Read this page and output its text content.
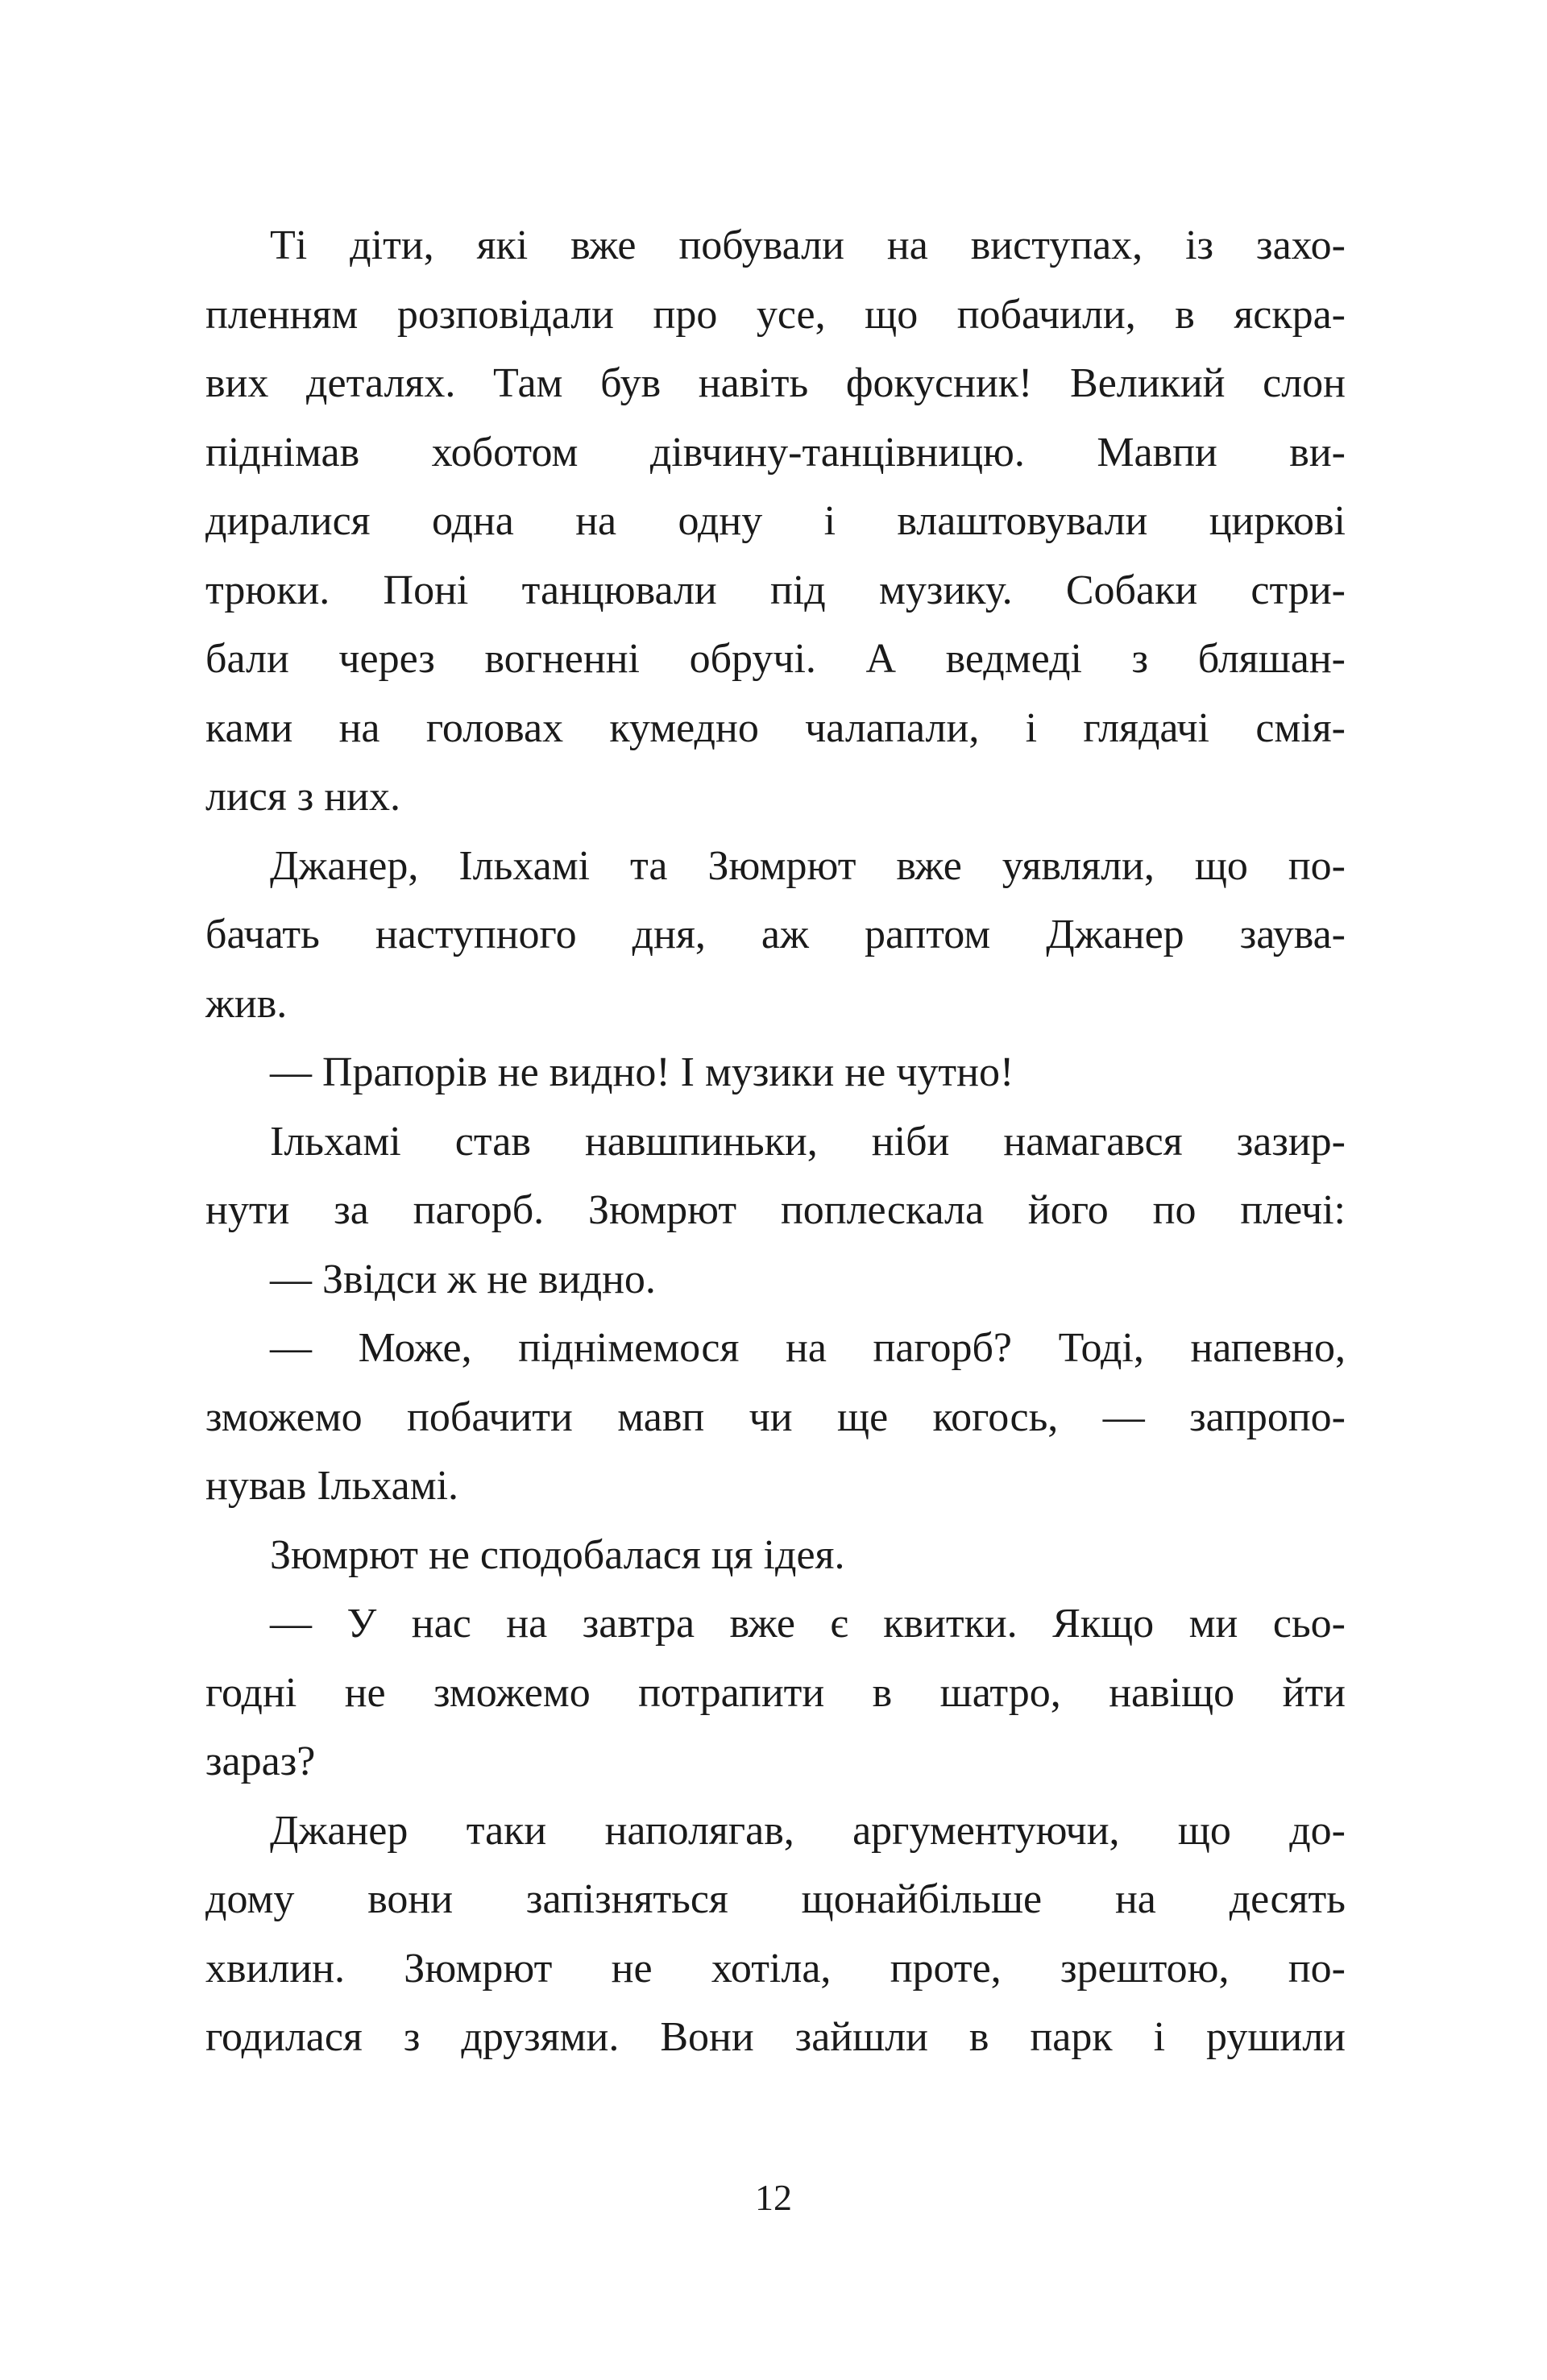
Ті діти, які вже побували на виступах, із захо-
пленням розповідали про усе, що побачили, в яскра-
вих деталях. Там був навіть фокусник! Великий слон
піднімав хоботом дівчину-танцівницю. Мавпи ви-
диралися одна на одну і влаштовували циркові
трюки. Поні танцювали під музику. Собаки стри-
бали через вогненні обручі. А ведмеді з бляшан-
ками на головах кумедно чалапали, і глядачі смія-
лися з них.
Джанер, Ільхамі та Зюмрют вже уявляли, що по-
бачать наступного дня, аж раптом Джанер заува-
жив.
— Прапорів не видно! І музики не чутно!
Ільхамі став навшпиньки, ніби намагався зазир-
нути за пагорб. Зюмрют поплескала його по плечі:
— Звідси ж не видно.
— Може, піднімемося на пагорб? Тоді, напевно,
зможемо побачити мавп чи ще когось, — запропо-
нував Ільхамі.
Зюмрют не сподобалася ця ідея.
— У нас на завтра вже є квитки. Якщо ми сьо-
годні не зможемо потрапити в шатро, навіщо йти
зараз?
Джанер таки наполягав, аргументуючи, що до-
дому вони запізняться щонайбільше на десять
хвилин. Зюмрют не хотіла, проте, зрештою, по-
годилася з друзями. Вони зайшли в парк і рушили
12
